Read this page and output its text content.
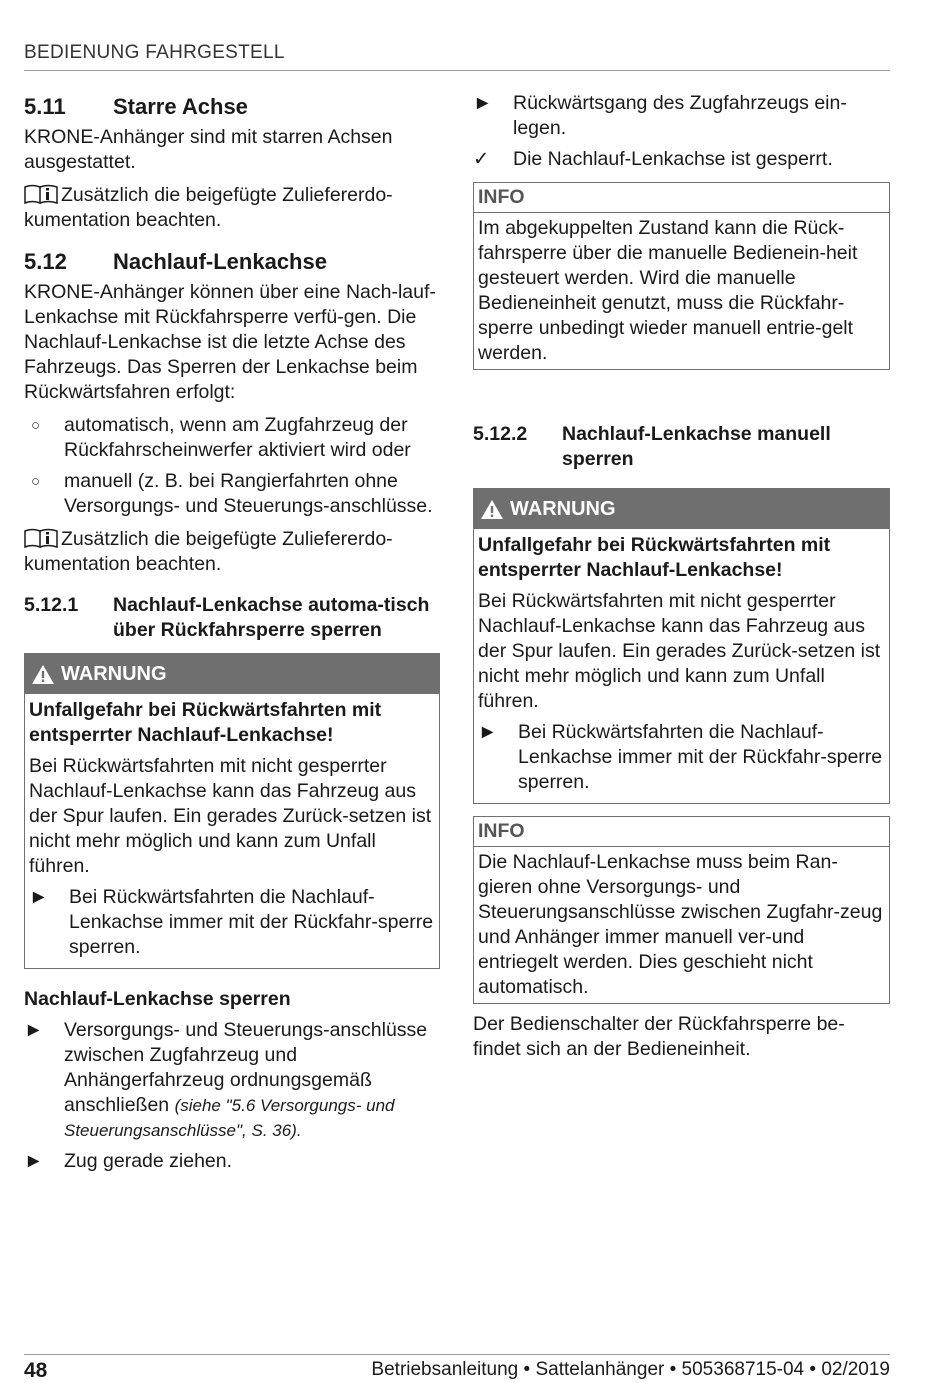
BEDIENUNG FAHRGESTELL
5.11	Starre Achse

KRONE-Anhänger sind mit starren Achsen ausgestattet.

Zusätzlich die beigefügte Zuliefererdo-kumentation beachten.

5.12	Nachlauf-Lenkachse

KRONE-Anhänger können über eine Nach-lauf-Lenkachse mit Rückfahrsperre verfü-gen. Die Nachlauf-Lenkachse ist die letzte Achse des Fahrzeugs. Das Sperren der Lenkachse beim Rückwärtsfahren erfolgt:

○	automatisch, wenn am Zugfahrzeug der Rückfahrscheinwerfer aktiviert wird oder
○	manuell (z. B. bei Rangierfahrten ohne Versorgungs- und Steuerungs-anschlüsse.

Zusätzlich die beigefügte Zuliefererdo-kumentation beachten.

5.12.1	Nachlauf-Lenkachse automa-tisch über Rückfahrsperre sperren
WARNUNG
Unfallgefahr bei Rückwärtsfahrten mit entsperrter Nachlauf-Lenkachse!

Bei Rückwärtsfahrten mit nicht gesperrter Nachlauf-Lenkachse kann das Fahrzeug aus der Spur laufen. Ein gerades Zurück-setzen ist nicht mehr möglich und kann zum Unfall führen.

►	Bei Rückwärtsfahrten die Nachlauf-Lenkachse immer mit der Rückfahr-sperre sperren.
Nachlauf-Lenkachse sperren
►	Versorgungs- und Steuerungs-anschlüsse zwischen Zugfahrzeug und Anhängerfahrzeug ordnungsgemäß anschließen (siehe "5.6 Versorgungs- und Steuerungsanschlüsse", S. 36).
►	Zug gerade ziehen.
►	Rückwärtsgang des Zugfahrzeugs ein-legen.
✓	Die Nachlauf-Lenkachse ist gesperrt.
INFO
Im abgekuppelten Zustand kann die Rück-fahrsperre über die manuelle Bedienein-heit gesteuert werden. Wird die manuelle Bedieneinheit genutzt, muss die Rückfahr-sperre unbedingt wieder manuell entrie-gelt werden.
5.12.2	Nachlauf-Lenkachse manuell sperren
WARNUNG
Unfallgefahr bei Rückwärtsfahrten mit entsperrter Nachlauf-Lenkachse!

Bei Rückwärtsfahrten mit nicht gesperrter Nachlauf-Lenkachse kann das Fahrzeug aus der Spur laufen. Ein gerades Zurück-setzen ist nicht mehr möglich und kann zum Unfall führen.

►	Bei Rückwärtsfahrten die Nachlauf-Lenkachse immer mit der Rückfahr-sperre sperren.
INFO
Die Nachlauf-Lenkachse muss beim Ran-gieren ohne Versorgungs- und Steuerungsanschlüsse zwischen Zugfahr-zeug und Anhänger immer manuell ver-und entriegelt werden. Dies geschieht nicht automatisch.

Der Bedienschalter der Rückfahrsperre be-findet sich an der Bedieneinheit.

48	Betriebsanleitung • Sattelanhänger • 505368715-04 • 02/2019
